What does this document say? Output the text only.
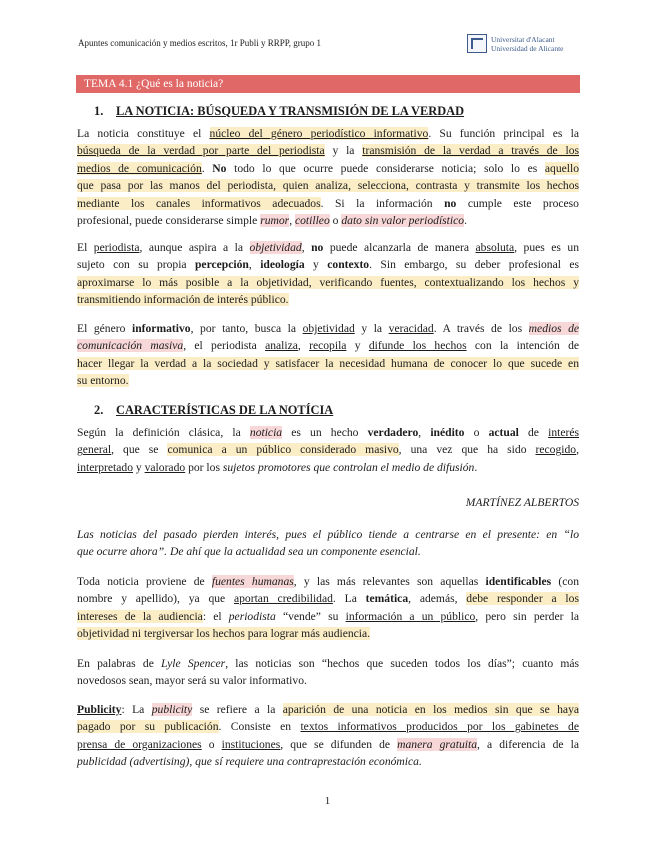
Apuntes comunicación y medios escritos, 1r Publi y RRPP, grupo 1	Universitat d'Alacant
Universidad de Alicante
TEMA 4.1 ¿Qué es la noticia?
1. LA NOTICIA: BÚSQUEDA Y TRANSMISIÓN DE LA VERDAD
La noticia constituye el núcleo del género periodístico informativo. Su función principal es la
búsqueda de la verdad por parte del periodista y la transmisión de la verdad a través de los
medios de comunicación. No todo lo que ocurre puede considerarse noticia; solo lo es aquello
que pasa por las manos del periodista, quien analiza, selecciona, contrasta y transmite los hechos
mediante los canales informativos adecuados. Si la información no cumple este proceso
profesional, puede considerarse simple rumor, cotilleo o dato sin valor periodístico.
El periodista, aunque aspira a la objetividad, no puede alcanzarla de manera absoluta, pues es un
sujeto con su propia percepción, ideología y contexto. Sin embargo, su deber profesional es
aproximarse lo más posible a la objetividad, verificando fuentes, contextualizando los hechos y
transmitiendo información de interés público.
El género informativo, por tanto, busca la objetividad y la veracidad. A través de los medios de
comunicación masiva, el periodista analiza, recopila y difunde los hechos con la intención de
hacer llegar la verdad a la sociedad y satisfacer la necesidad humana de conocer lo que sucede en
su entorno.
2. CARACTERÍSTICAS DE LA NOTÍCIA
Según la definición clásica, la noticia es un hecho verdadero, inédito o actual de interés
general, que se comunica a un público considerado masivo, una vez que ha sido recogido,
interpretado y valorado por los sujetos promotores que controlan el medio de difusión.
MARTÍNEZ ALBERTOS
Las noticias del pasado pierden interés, pues el público tiende a centrarse en el presente: en “lo
que ocurre ahora”. De ahí que la actualidad sea un componente esencial.
Toda noticia proviene de fuentes humanas, y las más relevantes son aquellas identificables (con
nombre y apellido), ya que aportan credibilidad. La temática, además, debe responder a los
intereses de la audiencia: el periodista “vende” su información a un público, pero sin perder la
objetividad ni tergiversar los hechos para lograr más audiencia.
En palabras de Lyle Spencer, las noticias son “hechos que suceden todos los días”; cuanto más
novedosos sean, mayor será su valor informativo.
Publicity: La publicity se refiere a la aparición de una noticia en los medios sin que se haya
pagado por su publicación. Consiste en textos informativos producidos por los gabinetes de
prensa de organizaciones o instituciones, que se difunden de manera gratuita, a diferencia de la
publicidad (advertising), que sí requiere una contraprestación económica.
1
